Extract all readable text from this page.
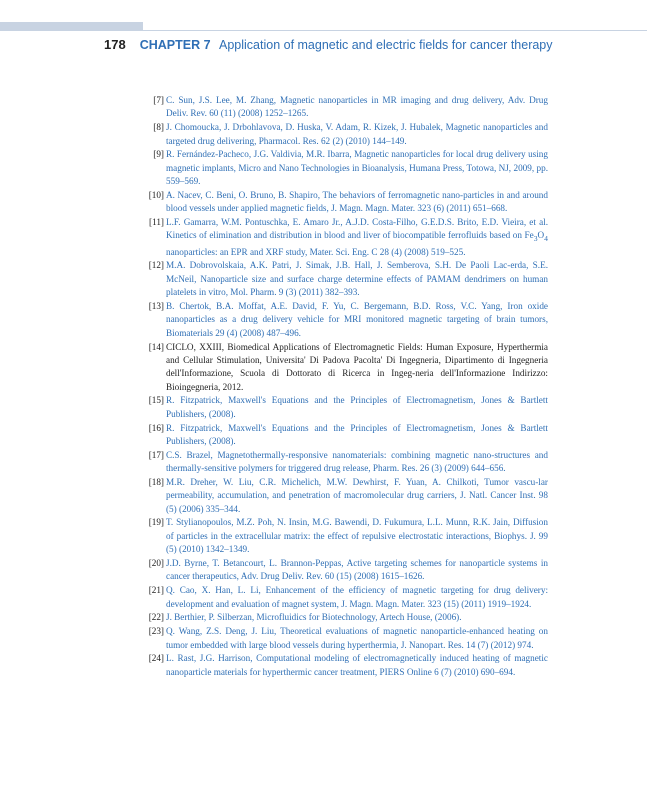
178 CHAPTER 7 Application of magnetic and electric fields for cancer therapy
[7] C. Sun, J.S. Lee, M. Zhang, Magnetic nanoparticles in MR imaging and drug delivery, Adv. Drug Deliv. Rev. 60 (11) (2008) 1252–1265.
[8] J. Chomoucka, J. Drbohlavova, D. Huska, V. Adam, R. Kizek, J. Hubalek, Magnetic nanoparticles and targeted drug delivering, Pharmacol. Res. 62 (2) (2010) 144–149.
[9] R. Fernández-Pacheco, J.G. Valdivia, M.R. Ibarra, Magnetic nanoparticles for local drug delivery using magnetic implants, Micro and Nano Technologies in Bioanalysis, Humana Press, Totowa, NJ, 2009, pp. 559–569.
[10] A. Nacev, C. Beni, O. Bruno, B. Shapiro, The behaviors of ferromagnetic nano-particles in and around blood vessels under applied magnetic fields, J. Magn. Magn. Mater. 323 (6) (2011) 651–668.
[11] L.F. Gamarra, W.M. Pontuschka, E. Amaro Jr., A.J.D. Costa-Filho, G.E.D.S. Brito, E.D. Vieira, et al. Kinetics of elimination and distribution in blood and liver of biocompatible ferrofluids based on $Fe_3O_4$ nanoparticles: an EPR and XRF study, Mater. Sci. Eng. C 28 (4) (2008) 519–525.
[12] M.A. Dobrovolskaia, A.K. Patri, J. Simak, J.B. Hall, J. Semberova, S.H. De Paoli Lac-erda, S.E. McNeil, Nanoparticle size and surface charge determine effects of PAMAM dendrimers on human platelets in vitro, Mol. Pharm. 9 (3) (2011) 382–393.
[13] B. Chertok, B.A. Moffat, A.E. David, F. Yu, C. Bergemann, B.D. Ross, V.C. Yang, Iron oxide nanoparticles as a drug delivery vehicle for MRI monitored magnetic targeting of brain tumors, Biomaterials 29 (4) (2008) 487–496.
[14] CICLO, XXIII, Biomedical Applications of Electromagnetic Fields: Human Exposure, Hyperthermia and Cellular Stimulation, Universita' Di Padova Pacolta' Di Ingegneria, Dipartimento di Ingegneria dell'Informazione, Scuola di Dottorato di Ricerca in Ingeg-neria dell'Informazione Indirizzo: Bioingegneria, 2012.
[15] R. Fitzpatrick, Maxwell's Equations and the Principles of Electromagnetism, Jones & Bartlett Publishers, (2008).
[16] R. Fitzpatrick, Maxwell's Equations and the Principles of Electromagnetism, Jones & Bartlett Publishers, (2008).
[17] C.S. Brazel, Magnetothermally-responsive nanomaterials: combining magnetic nano-structures and thermally-sensitive polymers for triggered drug release, Pharm. Res. 26 (3) (2009) 644–656.
[18] M.R. Dreher, W. Liu, C.R. Michelich, M.W. Dewhirst, F. Yuan, A. Chilkoti, Tumor vascu-lar permeability, accumulation, and penetration of macromolecular drug carriers, J. Natl. Cancer Inst. 98 (5) (2006) 335–344.
[19] T. Stylianopoulos, M.Z. Poh, N. Insin, M.G. Bawendi, D. Fukumura, L.L. Munn, R.K. Jain, Diffusion of particles in the extracellular matrix: the effect of repulsive electrostatic interactions, Biophys. J. 99 (5) (2010) 1342–1349.
[20] J.D. Byrne, T. Betancourt, L. Brannon-Peppas, Active targeting schemes for nanoparticle systems in cancer therapeutics, Adv. Drug Deliv. Rev. 60 (15) (2008) 1615–1626.
[21] Q. Cao, X. Han, L. Li, Enhancement of the efficiency of magnetic targeting for drug delivery: development and evaluation of magnet system, J. Magn. Magn. Mater. 323 (15) (2011) 1919–1924.
[22] J. Berthier, P. Silberzan, Microfluidics for Biotechnology, Artech House, (2006).
[23] Q. Wang, Z.S. Deng, J. Liu, Theoretical evaluations of magnetic nanoparticle-enhanced heating on tumor embedded with large blood vessels during hyperthermia, J. Nanopart. Res. 14 (7) (2012) 974.
[24] L. Rast, J.G. Harrison, Computational modeling of electromagnetically induced heating of magnetic nanoparticle materials for hyperthermic cancer treatment, PIERS Online 6 (7) (2010) 690–694.
